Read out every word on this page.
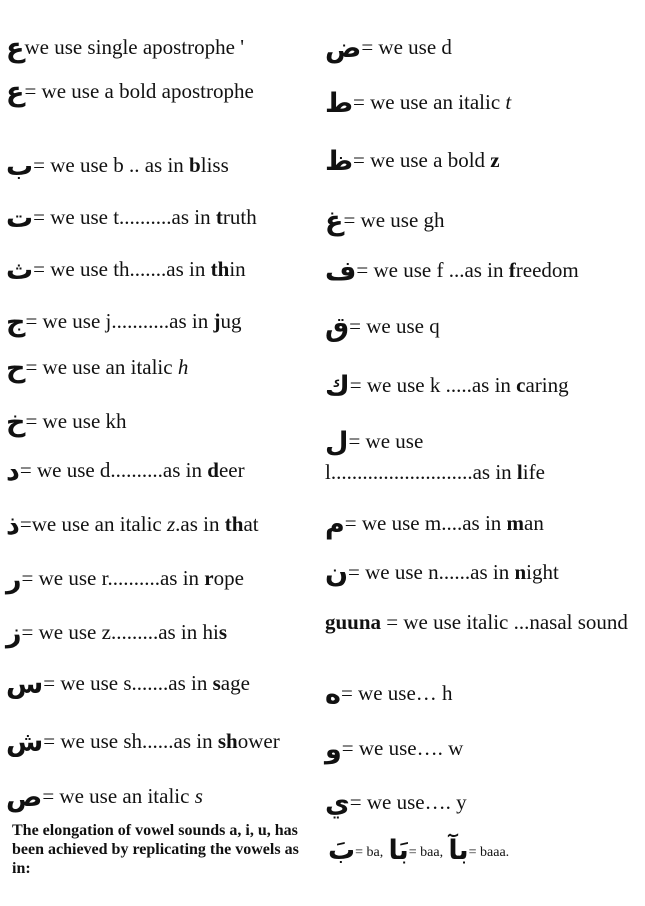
عwe use single apostrophe '
ع= we use a bold apostrophe
ب= we use b .. as in bliss
ت= we use t..........as in truth
ث= we use th.......as in thin
ج= we use j...........as in jug
ح= we use an italic h
خ= we use kh
د= we use d..........as in deer
ذ=we use an italic z.as in that
ر= we use r..........as in rope
ز= we use z.........as in his
س= we use s.......as in sage
ش= we use sh......as in shower
ص= we use an italic s
ض= we use d
ط= we use an italic t
ظ= we use a bold z
غ= we use gh
ف= we use f ...as in freedom
ق= we use q
ك= we use k .....as in caring
ل= we use
l...........................as in life
م= we use m....as in man
ن= we use n......as in night
guuna = we use italic ...nasal sound
ه= we use… h
و= we use…. w
ي= we use…. y
The elongation of vowel sounds a, i, u, has been achieved by replicating the vowels as in:
بَ= ba, بَا= baa, بآ= baaa.
